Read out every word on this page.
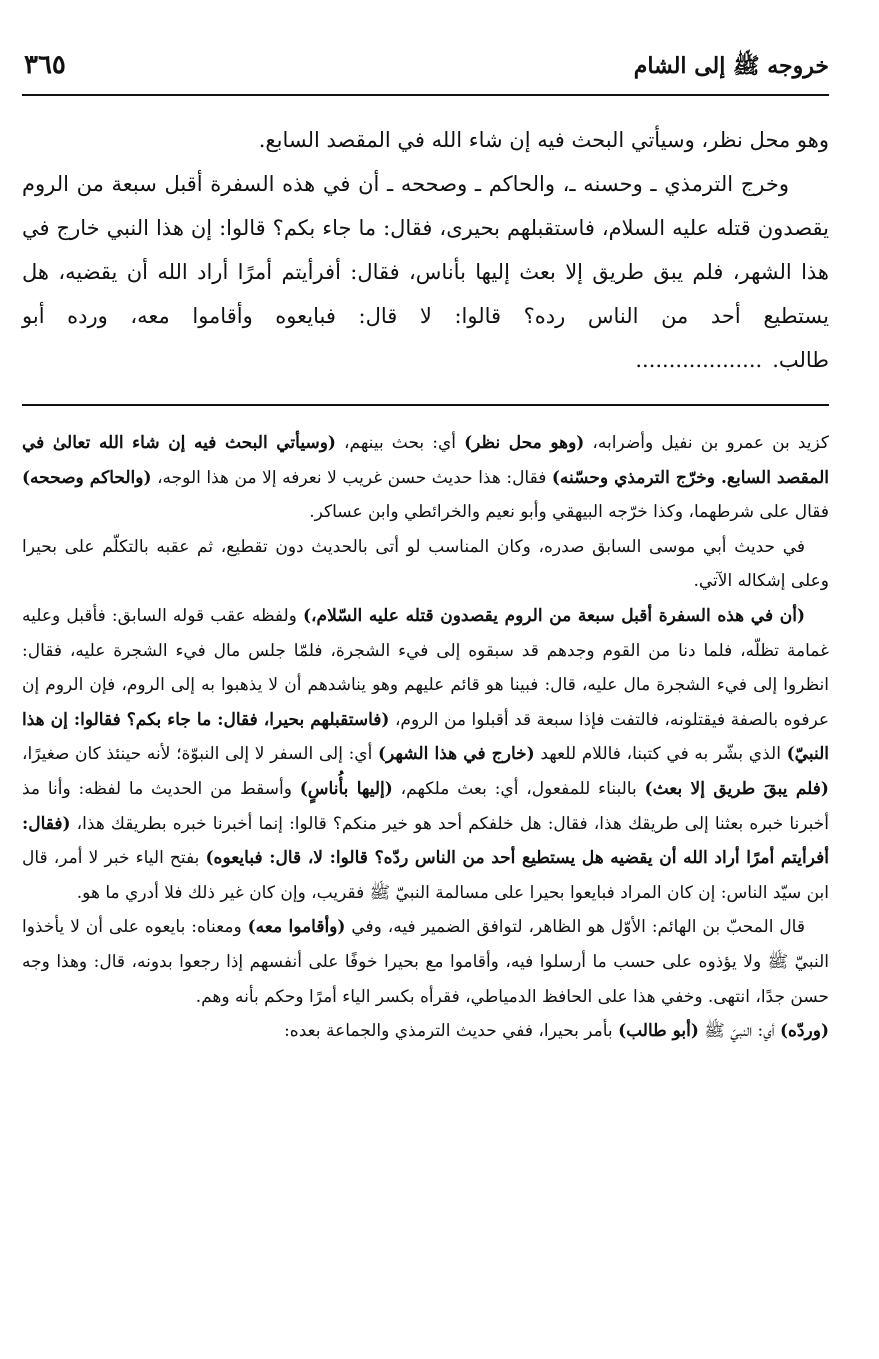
خروجه ﷺ إلى الشام
٣٦٥

وهو محل نظر، وسيأتي البحث فيه إن شاء الله في المقصد السابع.

وخرج الترمذي ـ وحسنه ـ، والحاكم ـ وصححه ـ أن في هذه السفرة أقبل سبعة من الروم يقصدون قتله عليه السلام، فاستقبلهم بحيرى، فقال: ما جاء بكم؟ قالوا: إن هذا النبي خارج في هذا الشهر، فلم يبق طريق إلا بعث إليها بأناس، فقال: أفرأيتم أمرًا أراد الله أن يقضيه، هل يستطيع أحد من الناس رده؟ قالوا: لا قال: فبايعوه وأقاموا معه، ورده أبو طالب....................

كزيد بن عمرو بن نفيل وأضرابه، (وهو محل نظر) أي: بحث بينهم، (وسيأتي البحث فيه إن شاء الله تعالىٰ في المقصد السابع. وخرّج الترمذي وحسّنه) فقال: هذا حديث حسن غريب لا نعرفه إلا من هذا الوجه، (والحاكم وصححه) فقال على شرطهما، وكذا خرّجه البيهقي وأبو نعيم والخرائطي وابن عساكر.

في حديث أبي موسى السابق صدره، وكان المناسب لو أتى بالحديث دون تقطيع، ثم عقبه بالتكلّم على بحيرا وعلى إشكاله الآتي.

(أن في هذه السفرة أقبل سبعة من الروم يقصدون قتله عليه السّلام،) ولفظه عقب قوله السابق: فأقبل وعليه غمامة تظلّه، فلما دنا من القوم وجدهم قد سبقوه إلى فيء الشجرة، فلمّا جلس مال فيء الشجرة عليه، فقال: انظروا إلى فيء الشجرة مال عليه، قال: فبينا هو قائم عليهم وهو يناشدهم أن لا يذهبوا به إلى الروم، فإن الروم إن عرفوه بالصفة فيقتلونه، فالتفت فإذا سبعة قد أقبلوا من الروم، (فاستقبلهم بحيرا، فقال: ما جاء بكم؟ فقالوا: إن هذا النبيّ) الذي بشّر به في كتبنا، فاللام للعهد (خارج في هذا الشهر) أي: إلى السفر لا إلى النبوّة؛ لأنه حينئذ كان صغيرًا، (فلم يبقَ طريق إلا بعث) بالبناء للمفعول، أي: بعث ملكهم، (إليها بأُناسٍ) وأسقط من الحديث ما لفظه: وأنا مذ أخبرنا خبره بعثنا إلى طريقك هذا، فقال: هل خلفكم أحد هو خير منكم؟ قالوا: إنما أخبرنا خبره بطريقك هذا، (فقال: أفرأيتم أمرًا أراد الله أن يقضيه هل يستطيع أحد من الناس ردّه؟ قالوا: لا، قال: فبايعوه) بفتح الياء خبر لا أمر، قال ابن سيّد الناس: إن كان المراد فبايعوا بحيرا على مسالمة النبيّ ﷺ فقريب، وإن كان غير ذلك فلا أدري ما هو.

قال المحبّ بن الهائم: الأوّل هو الظاهر، لتوافق الضمير فيه، وفي (وأقاموا معه) ومعناه: بايعوه على أن لا يأخذوا النبيّ ﷺ ولا يؤذوه على حسب ما أرسلوا فيه، وأقاموا مع بحيرا خوفًا على أنفسهم إذا رجعوا بدونه، قال: وهذا وجه حسن جدًا، انتهى. وخفي هذا على الحافظ الدمياطي، فقرأه بكسر الياء أمرًا وحكم بأنه وهم.

(وردّه) أي: النبيّ ﷺ (أبو طالب) بأمر بحيرا، ففي حديث الترمذي والجماعة بعده:
